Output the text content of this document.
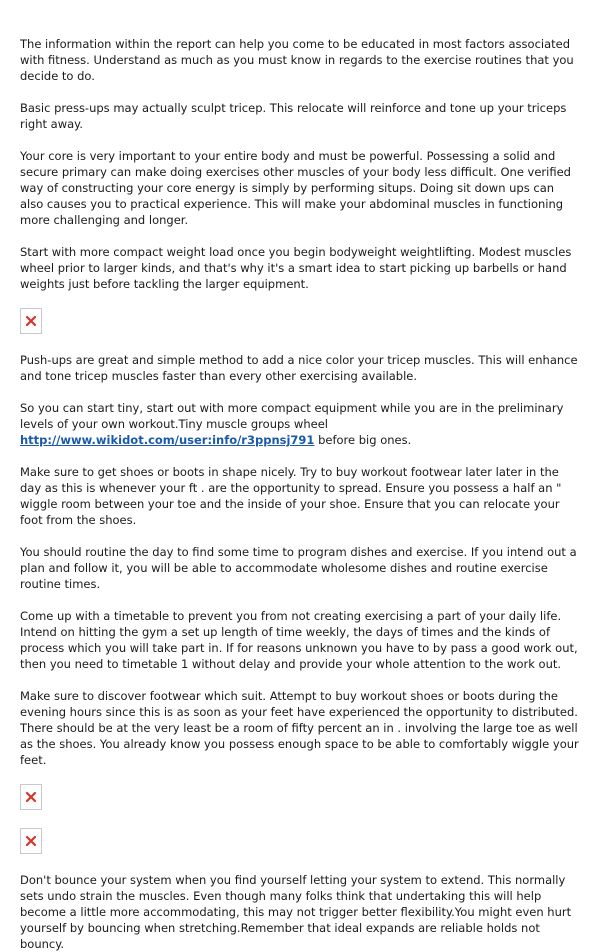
The information within the report can help you come to be educated in most factors associated with fitness. Understand as much as you must know in regards to the exercise routines that you decide to do.

Basic press-ups may actually sculpt tricep. This relocate will reinforce and tone up your triceps right away.

Your core is very important to your entire body and must be powerful. Possessing a solid and secure primary can make doing exercises other muscles of your body less difficult. One verified way of constructing your core energy is simply by performing situps. Doing sit down ups can also causes you to practical experience. This will make your abdominal muscles in functioning more challenging and longer.

Start with more compact weight load once you begin bodyweight weightlifting. Modest muscles wheel prior to larger kinds, and that's why it's a smart idea to start picking up barbells or hand weights just before tackling the larger equipment.

Push-ups are great and simple method to add a nice color your tricep muscles. This will enhance and tone tricep muscles faster than every other exercising available.

So you can start tiny, start out with more compact equipment while you are in the preliminary levels of your own workout.Tiny muscle groups wheel http://www.wikidot.com/user:info/r3ppnsj791 before big ones.

Make sure to get shoes or boots in shape nicely. Try to buy workout footwear later later in the day as this is whenever your ft . are the opportunity to spread. Ensure you possess a half an " wiggle room between your toe and the inside of your shoe. Ensure that you can relocate your foot from the shoes.

You should routine the day to find some time to program dishes and exercise. If you intend out a plan and follow it, you will be able to accommodate wholesome dishes and routine exercise routine times.

Come up with a timetable to prevent you from not creating exercising a part of your daily life. Intend on hitting the gym a set up length of time weekly, the days of times and the kinds of process which you will take part in. If for reasons unknown you have to by pass a good work out, then you need to timetable 1 without delay and provide your whole attention to the work out.

Make sure to discover footwear which suit. Attempt to buy workout shoes or boots during the evening hours since this is as soon as your feet have experienced the opportunity to distributed. There should be at the very least be a room of fifty percent an in . involving the large toe as well as the shoes. You already know you possess enough space to be able to comfortably wiggle your feet.

Don't bounce your system when you find yourself letting your system to extend. This normally sets undo strain the muscles. Even though many folks think that undertaking this will help become a little more accommodating, this may not trigger better flexibility.You might even hurt yourself by bouncing when stretching.Remember that ideal expands are reliable holds not bouncy.
